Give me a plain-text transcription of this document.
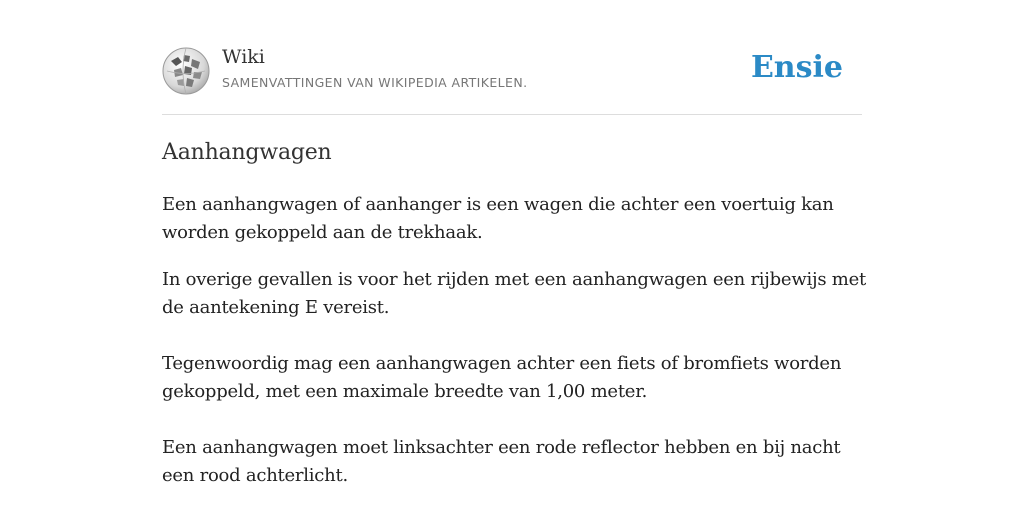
Wiki
SAMENVATTINGEN VAN WIKIPEDIA ARTIKELEN.	Ensie
Aanhangwagen

Een aanhangwagen of aanhanger is een wagen die achter een voertuig kan worden gekoppeld aan de trekhaak.

In overige gevallen is voor het rijden met een aanhangwagen een rijbewijs met de aantekening E vereist.

Tegenwoordig mag een aanhangwagen achter een fiets of bromfiets worden gekoppeld, met een maximale breedte van 1,00 meter.

Een aanhangwagen moet linksachter een rode reflector hebben en bij nacht een rood achterlicht.
